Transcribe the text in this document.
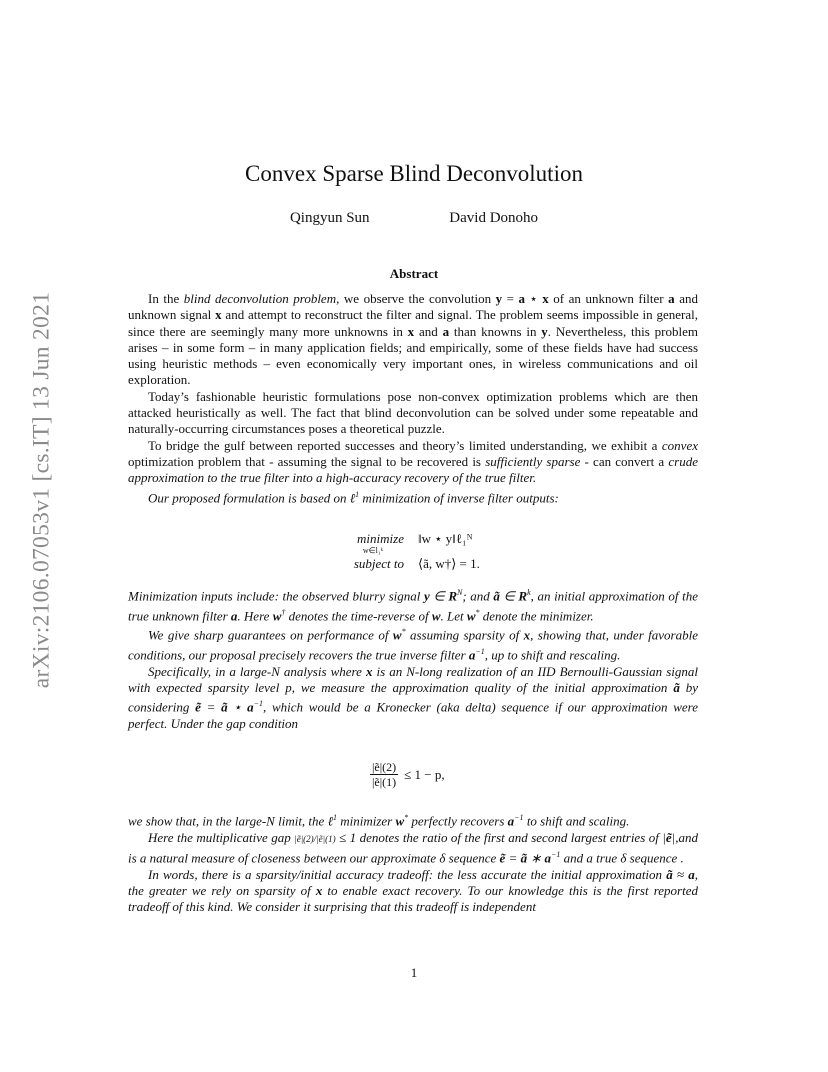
arXiv:2106.07053v1 [cs.IT] 13 Jun 2021
Convex Sparse Blind Deconvolution
Qingyun Sun	David Donoho
Abstract

In the blind deconvolution problem, we observe the convolution y = a ⋆ x of an unknown filter a and unknown signal x and attempt to reconstruct the filter and signal. The problem seems impossible in general, since there are seemingly many more unknowns in x and a than knowns in y. Nevertheless, this problem arises – in some form – in many application fields; and empirically, some of these fields have had success using heuristic methods – even economically very important ones, in wireless communications and oil exploration.

Today’s fashionable heuristic formulations pose non-convex optimization problems which are then attacked heuristically as well. The fact that blind deconvolution can be solved under some repeatable and naturally-occurring circumstances poses a theoretical puzzle.

To bridge the gulf between reported successes and theory’s limited understanding, we exhibit a convex optimization problem that - assuming the signal to be recovered is sufficiently sparse - can convert a crude approximation to the true filter into a high-accuracy recovery of the true filter.

Our proposed formulation is based on ℓ$^1$ minimization of inverse filter outputs:

minimize
w∈l₁ᵏ
‖w ⋆ y‖ℓ₁ᴺ
subject to ⟨ã, w†⟩ = 1.

Minimization inputs include: the observed blurry signal y ∈ $R^N$; and ã ∈ $R^k$, an initial approximation of the true unknown filter a. Here w† denotes the time-reverse of w. Let w* denote the minimizer.

We give sharp guarantees on performance of w* assuming sparsity of x, showing that, under favorable conditions, our proposal precisely recovers the true inverse filter $a^{-1}$, up to shift and rescaling.

Specifically, in a large-N analysis where x is an N-long realization of an IID Bernoulli-Gaussian signal with expected sparsity level p, we measure the approximation quality of the initial approximation ã by considering ẽ = ã ⋆ $a^{-1}$, which would be a Kronecker (aka delta) sequence if our approximation were perfect. Under the gap condition

$\frac{\text{|ẽ|(2)}}{\text{|ẽ|(1)}} \le 1 - p$,

we show that, in the large-N limit, the ℓ$^1$ minimizer w* perfectly recovers $a^{-1}$ to shift and scaling.

Here the multiplicative gap |ẽ|(2)/|ẽ|(1) ≤ 1 denotes the ratio of the first and second largest entries of |ẽ|,and is a natural measure of closeness between our approximate δ sequence ẽ = ã ∗ $a^{-1}$ and a true δ sequence .

In words, there is a sparsity/initial accuracy tradeoff: the less accurate the initial approximation ã ≈ a, the greater we rely on sparsity of x to enable exact recovery. To our knowledge this is the first reported tradeoff of this kind. We consider it surprising that this tradeoff is independent

1
